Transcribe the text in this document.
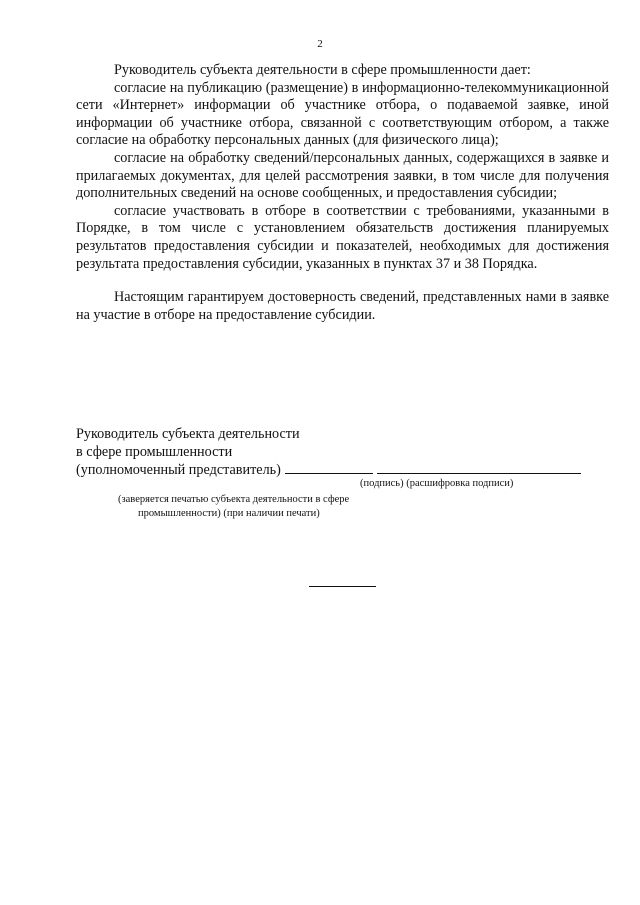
2

Руководитель субъекта деятельности в сфере промышленности дает:

согласие на публикацию (размещение) в информационно-телекоммуникационной сети «Интернет» информации об участнике отбора, о подаваемой заявке, иной информации об участнике отбора, связанной с соответствующим отбором, а также согласие на обработку персональных данных (для физического лица);

согласие на обработку сведений/персональных данных, содержащихся в заявке и прилагаемых документах, для целей рассмотрения заявки, в том числе для получения дополнительных сведений на основе сообщенных, и предоставления субсидии;

согласие участвовать в отборе в соответствии с требованиями, указанными в Порядке, в том числе с установлением обязательств достижения планируемых результатов предоставления субсидии и показателей, необходимых для достижения результата предоставления субсидии, указанных в пунктах 37 и 38 Порядка.

Настоящим гарантируем достоверность сведений, представленных нами в заявке на участие в отборе на предоставление субсидии.

Руководитель субъекта деятельности
в сфере промышленности
(уполномоченный представитель)
(подпись) (расшифровка подписи)
(заверяется печатью субъекта деятельности в сфере
промышленности) (при наличии печати)
